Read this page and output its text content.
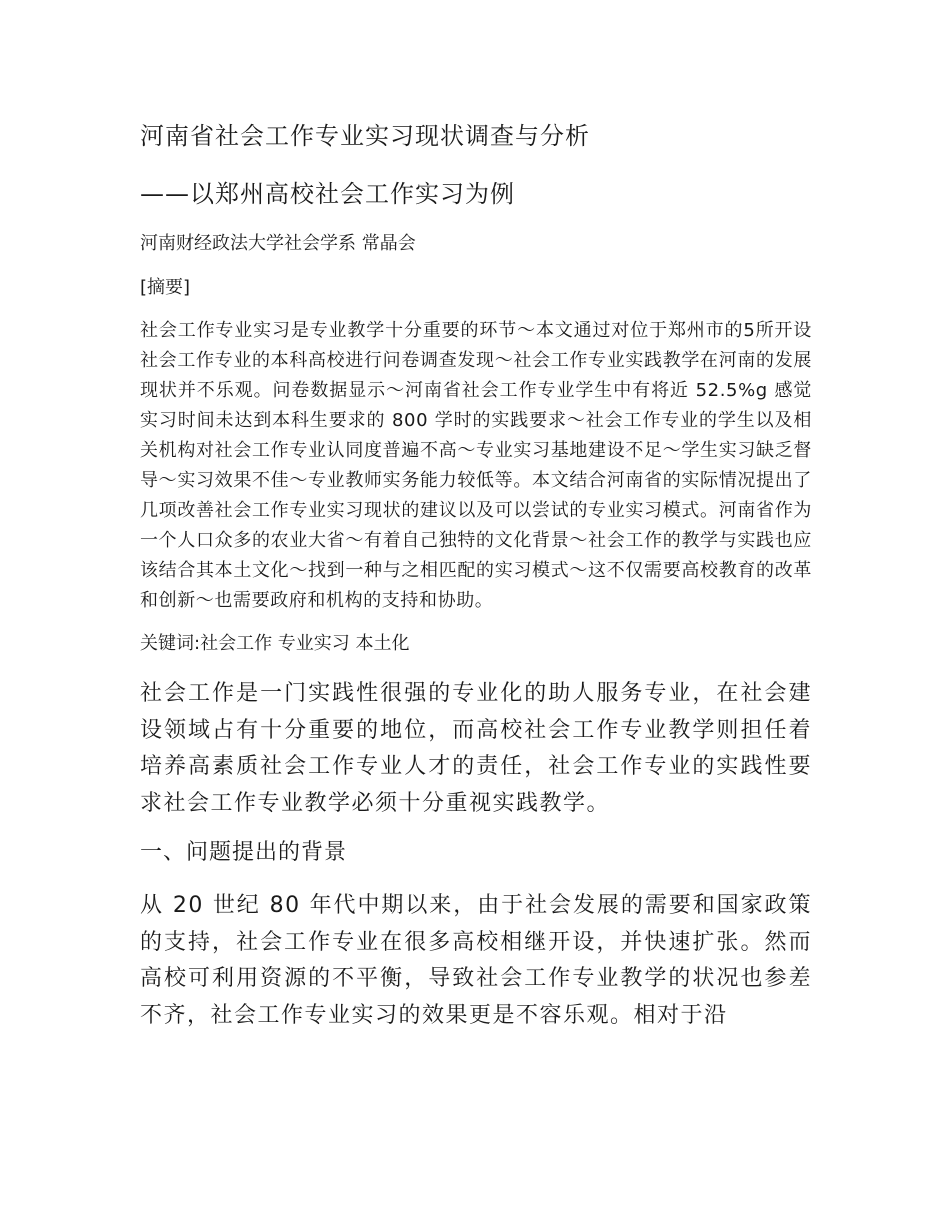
河南省社会工作专业实习现状调查与分析
——以郑州高校社会工作实习为例

河南财经政法大学社会学系 常晶会

[摘要]

社会工作专业实习是专业教学十分重要的环节～本文通过对位于郑州市的5所开设社会工作专业的本科高校进行问卷调查发现～社会工作专业实践教学在河南的发展现状并不乐观。问卷数据显示～河南省社会工作专业学生中有将近 52.5%g 感觉实习时间未达到本科生要求的 800 学时的实践要求～社会工作专业的学生以及相关机构对社会工作专业认同度普遍不高～专业实习基地建设不足～学生实习缺乏督导～实习效果不佳～专业教师实务能力较低等。本文结合河南省的实际情况提出了几项改善社会工作专业实习现状的建议以及可以尝试的专业实习模式。河南省作为一个人口众多的农业大省～有着自己独特的文化背景～社会工作的教学与实践也应该结合其本土文化～找到一种与之相匹配的实习模式～这不仅需要高校教育的改革和创新～也需要政府和机构的支持和协助。

关键词:社会工作 专业实习 本土化

社会工作是一门实践性很强的专业化的助人服务专业，在社会建设领域占有十分重要的地位，而高校社会工作专业教学则担任着培养高素质社会工作专业人才的责任，社会工作专业的实践性要求社会工作专业教学必须十分重视实践教学。

一、问题提出的背景

从 20 世纪 80 年代中期以来，由于社会发展的需要和国家政策的支持，社会工作专业在很多高校相继开设，并快速扩张。然而高校可利用资源的不平衡，导致社会工作专业教学的状况也参差不齐，社会工作专业实习的效果更是不容乐观。相对于沿
